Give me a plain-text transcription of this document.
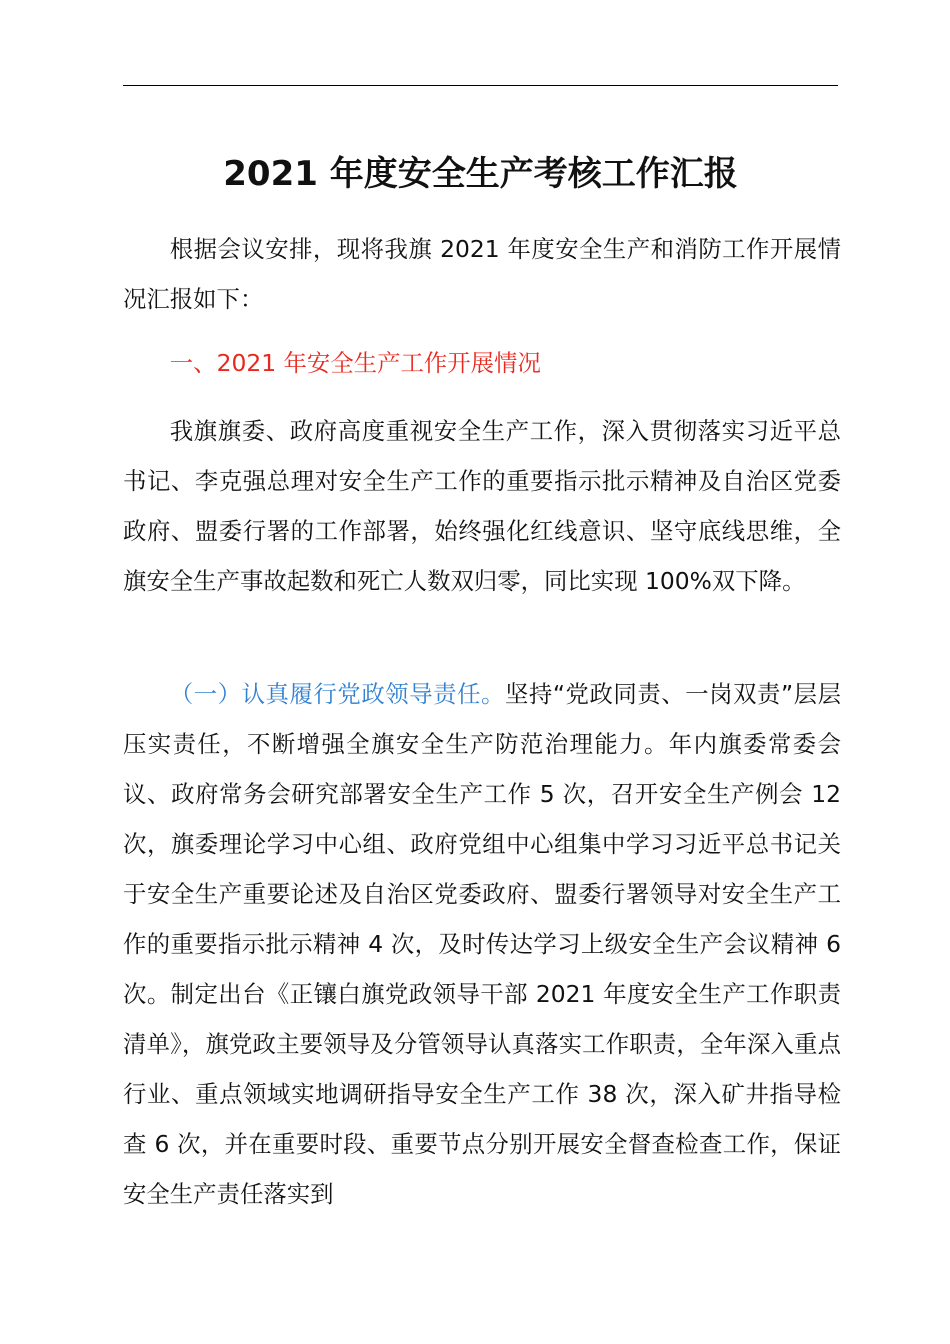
2021 年度安全生产考核工作汇报

根据会议安排，现将我旗 2021 年度安全生产和消防工作开展情况汇报如下：

一、2021 年安全生产工作开展情况

我旗旗委、政府高度重视安全生产工作，深入贯彻落实习近平总书记、李克强总理对安全生产工作的重要指示批示精神及自治区党委政府、盟委行署的工作部署，始终强化红线意识、坚守底线思维，全旗安全生产事故起数和死亡人数双归零，同比实现 100%双下降。

（一）认真履行党政领导责任。坚持“党政同责、一岗双责”层层压实责任，不断增强全旗安全生产防范治理能力。年内旗委常委会议、政府常务会研究部署安全生产工作 5 次，召开安全生产例会 12 次，旗委理论学习中心组、政府党组中心组集中学习习近平总书记关于安全生产重要论述及自治区党委政府、盟委行署领导对安全生产工作的重要指示批示精神 4 次，及时传达学习上级安全生产会议精神 6 次。制定出台《正镶白旗党政领导干部 2021 年度安全生产工作职责清单》，旗党政主要领导及分管领导认真落实工作职责，全年深入重点行业、重点领域实地调研指导安全生产工作 38 次，深入矿井指导检查 6 次，并在重要时段、重要节点分别开展安全督查检查工作，保证安全生产责任落实到
